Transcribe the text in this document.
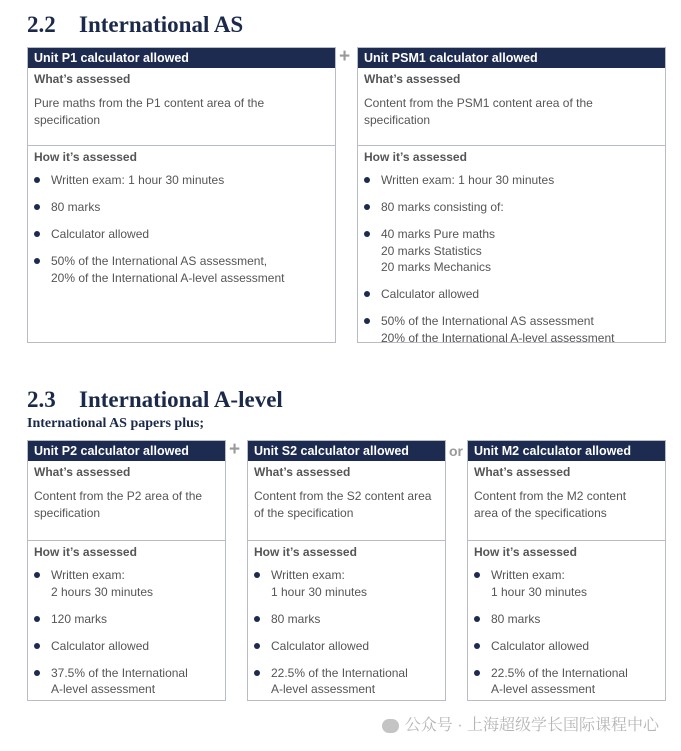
2.2 International AS
Unit P1 calculator allowed
What’s assessed
Pure maths from the P1 content area of the
specification
How it’s assessed
Written exam: 1 hour 30 minutes
80 marks
Calculator allowed
50% of the International AS assessment,
20% of the International A-level assessment
+	Unit PSM1 calculator allowed
What’s assessed
Content from the PSM1 content area of the
specification
How it’s assessed
Written exam: 1 hour 30 minutes
80 marks consisting of:
40 marks Pure maths
20 marks Statistics
20 marks Mechanics
Calculator allowed
50% of the International AS assessment
20% of the International A-level assessment
2.3 International A-level
International AS papers plus;
Unit P2 calculator allowed
What’s assessed
Content from the P2 area of the
specification
How it’s assessed
Written exam:
2 hours 30 minutes
120 marks
Calculator allowed
37.5% of the International
A-level assessment
+	Unit S2 calculator allowed
What’s assessed
Content from the S2 content area
of the specification
How it’s assessed
Written exam:
1 hour 30 minutes
80 marks
Calculator allowed
22.5% of the International
A-level assessment
or Unit M2 calculator allowed
What’s assessed
Content from the M2 content
area of the specifications
How it’s assessed
Written exam:
1 hour 30 minutes
80 marks
Calculator allowed
22.5% of the International
A-level assessment
公众号 · 上海超级学长国际课程中心
